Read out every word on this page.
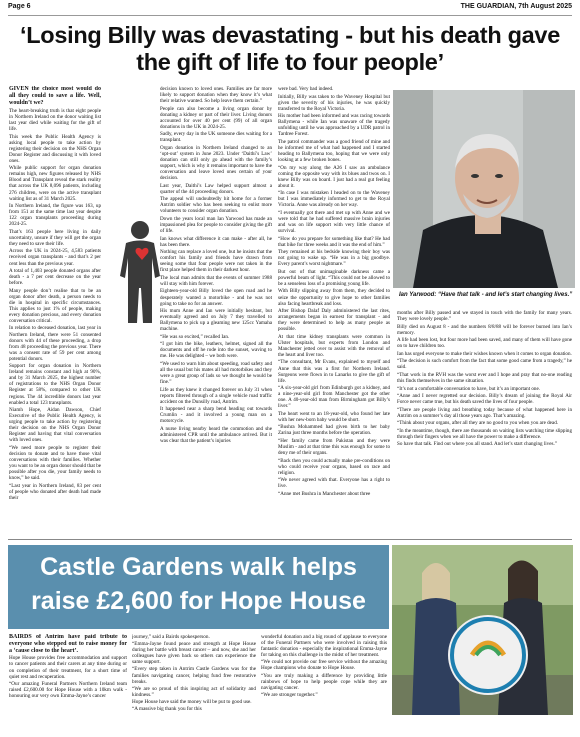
Page 6	THE GUARDIAN, 7th August 2025
‘Losing Billy was devastating - but his death gave the gift of life to four people’

GIVEN the choice most would do all they could to save a life. Well, wouldn’t we?

The heart-breaking truth is that eight people in Northern Ireland on the donor waiting list last year died while waiting for the gift of life.

This week the Public Health Agency is asking local people to take action by registering their decision on the NHS Organ Donor Register and discussing it with loved ones.

While public support for organ donation remains high, new figures released by NHS Blood and Transplant reveal the stark reality that across the UK 8,096 patients, including 276 children, were on the active transplant waiting list as of 31 March 2025.

In Northern Ireland, the figure was 163, up from 151 at the same time last year despite 122 organ transplants proceeding during 2024-25.

That’s 163 people here living in daily uncertainty, unsure if they will get the organ they need to save their life.

Across the UK in 2024-25, 4,583 patients received organ transplants - and that’s 2 per cent less than the previous year.

A total of 1,403 people donated organs after death - a 7 per cent decrease on the year before.

Many people don’t realise that to be an organ donor after death, a person needs to die in hospital in specific circumstances. This applies to just 1% of people, making every donation precious, and every donation conversation critical.

In relation to deceased donation, last year in Northern Ireland, there were 51 consented donors with 44 of these proceeding, a drop from 48 proceeding the previous year. There was a consent rate of 59 per cent among potential donors.

Support for organ donation in Northern Ireland remains constant and high at 90%, and by 31 March 2025, the highest number of registrations to the NHS Organ Donor Register at 58%, compared to other UK regions. The 44 incredible donors last year enabled a total 123 transplants.

Niamh Hope, Aidan Dawson, Chief Executive of the Public Health Agency, is urging people to take action by registering their decision on the NHS Organ Donor Register and having that vital conversation with loved ones.

“We need more people to register their decision to donate and to have those vital conversations with their families. Whether you want to be an organ donor should that be possible after you die, your family needs to know,” he said.

“Last year in Northern Ireland, 83 per cent of people who donated after death had made their

decision known to loved ones. Families are far more likely to support donation when they know it’s what their relative wanted. So help leave them certain.”

People can also become a living organ donor by donating a kidney or part of their liver. Living donors accounted for over 40 per cent (99) of all organ donations in the UK in 2024-25.

Sadly, every day in the UK someone dies waiting for a transplant.

Organ donation in Northern Ireland changed to an ‘opt-out’ system in June 2023. Under ‘Daithí’s Law’ donation can still only go ahead with the family’s support, which is why it remains important to have the conversation and leave loved ones certain of your decision.

Last year, Daithí’s Law helped support almost a quarter of the 44 proceeding donors.

The appeal will undoubtedly hit home for a former Antrim soldier who has been seeking to enlist more volunteers to consider organ donation.

Down the years local man Ian Yarwood has made an impassioned plea for people to consider giving the gift of life.

Ian knows what difference it can make - after all, he has been there.

Nothing can replace a loved one, but he insists that the comfort his family and friends have drawn from seeing some that four people were not taken in the first place helped them in their darkest hour.

The local man admits that the events of summer 1988 will stay with him forever.

Eighteen-year-old Billy loved the open road and he desperately wanted a motorbike - and he was not going to take no for an answer.

His mum Anne and Ian were initially hesitant, but eventually agreed and on July 7 they travelled to Ballymena to pick up a gleaming new 125cc Yamaha machine.

“He was so excited,” recalled Ian.

“I got him the bike, leathers, helmet, signed all the documents and off he rode into the sunset, waving to me. He was delighted – we both were.

“We used to warn him about speeding, road safety and all the usual but his mates all had motorbikes and they were a great group of lads so we thought he would be fine.”

Life as they knew it changed forever on July 31 when reports filtered through of a single vehicle road traffic accident on the Dunsilly road, Antrim.

It happened near a sharp bend heading out towards Crumlin - and it involved a young man on a motorcycle.

A nurse living nearby heard the commotion and she administered CPR until the ambulance arrived. But it was clear that the patient’s injuries

were bad. Very bad indeed.

Initially, Billy was taken to the Waveney Hospital but given the severity of his injuries, he was quickly transferred to the Royal Victoria.

His mother had been informed and was racing towards Ballymena - while Ian was unaware of the tragedy unfolding until he was approached by a UDR patrol in Tardree Forest.

The patrol commander was a good friend of mine and he informed me of what had happened and I started heading to Ballymena too, hoping that we were only looking at a few broken bones.

“On my way along the A26 I saw an ambulance coming the opposite way with its blues and twos on. I knew Billy was on board. I just had a real gut feeling about it.

“In case I was mistaken I headed on to the Waveney but I was immediately informed to get to the Royal Victoria. Anne was already on her way.

“I eventually got there and met up with Anne and we were told that he had suffered massive brain injuries and was on life support with very little chance of survival.

“How do you prepare for something like that? He had that bike for three weeks and it was the end of him.”

They remained at his bedside knowing their boy was not going to wake up. “He was in a big goodbye. Every parent’s worst nightmare.”

But out of that unimaginable darkness came a powerful beam of light. “This could not be allowed to be a senseless loss of a promising young life.

With Billy slipping away from them, they decided to seize the opportunity to give hope to other families also facing heartbreak and loss.

After Bishop Dalaf Daly administered the last rites, arrangements began in earnest for transplant - and they were determined to help as many people as possible.

At that time kidney transplants were common in Ulster hospitals, but experts from London and Manchester jetted over to assist with the removal of the heart and liver too.

“The consultant, Mr Evans, explained to myself and Anne that this was a first for Northern Ireland. Surgeons were flown in to Lanarks to give the gift of life.

“A six-year-old girl from Edinburgh got a kidney, and a nine-year-old girl from Manchester got the other one. A 40-year-old man from Birmingham got Billy’s liver.”

The heart went to an 18-year-old, who found her late with her new-born baby would be short.

“Bushra Mohammed had given birth to her baby Zarina just three months before the operation.

“Her family came from Pakistan and they were Muslim - and at that time this was enough for some to deny me of their organs.

“Back then you could actually make pre-conditions on who could receive your organs, based on race and religion.

“We never agreed with that. Everyone has a right to live.

“Anne met Bushra in Manchester about three

Ian Yarwood: “Have that talk - and let’s start changing lives.”

months after Billy passed and we stayed in touch with the family for many years. They were lovely people.”

Billy died on August 8 - and the numbers 8/8/88 will be forever burned into Ian’s memory.

A life had been lost, but four more had been saved, and many of them will have gone on to have children too.

Ian has urged everyone to make their wishes known when it comes to organ donation.

“The decision is such comfort from the fact that some good came from a tragedy,” he said.

“That work in the RVH was the worst ever and I hope and pray that no-one reading this finds themselves in the same situation.

“It’s not a comfortable conversation to have, but it’s an important one.

“Anne and I never regretted our decision. Billy’s dream of joining the Royal Air Force never came true, but his death saved the lives of four people.

“There are people living and breathing today because of what happened here in Antrim on a summer’s day all those years ago. That’s amazing.

“Think about your organs, after all they are no good to you when you are dead.

“In the meantime, though, there are thousands on waiting lists watching time slipping through their fingers when we all have the power to make a difference.

So have that talk. Find out where you all stand. And let’s start changing lives.”

Castle Gardens walk helps raise £2,600 for Hope House

BAIRDS of Antrim have paid tribute to everyone who stepped out to raise money for a ‘cause close to the heart’.

Hope House provides free accommodation and support to cancer patients and their carers at any time during or on completion of their treatment, for a short time of quiet rest and recuperation.

“Our amazing Funeral Partners Northern Ireland team raised £2,600.00 for Hope House with a 10km walk - honouring our very own Emma-Jayne’s cancer

journey,” said a Bairds spokesperson.

“Emma-Jayne found peace and strength at Hope House during her battle with breast cancer – and now, she and her colleagues have given back so others can experience the same support.

“Every step taken in Antrim Castle Gardens was for the families navigating cancer, helping fund free restorative breaks.

“We are so proud of this inspiring act of solidarity and kindness.”

Hope House have said the money will be put to good use.

“A massive big thank you for this

wonderful donation and a big round of applause to everyone of the Funeral Partners who were involved in raising this fantastic donation - especially the inspirational Emma-Jayne for taking on this challenge in the midst of her treatment.

“We could not provide our free service without the amazing Hope champions who donate to Hope House.

“You are truly making a difference by providing little rainbows of hope to help people cope while they are navigating cancer.

“We are stronger together.”
